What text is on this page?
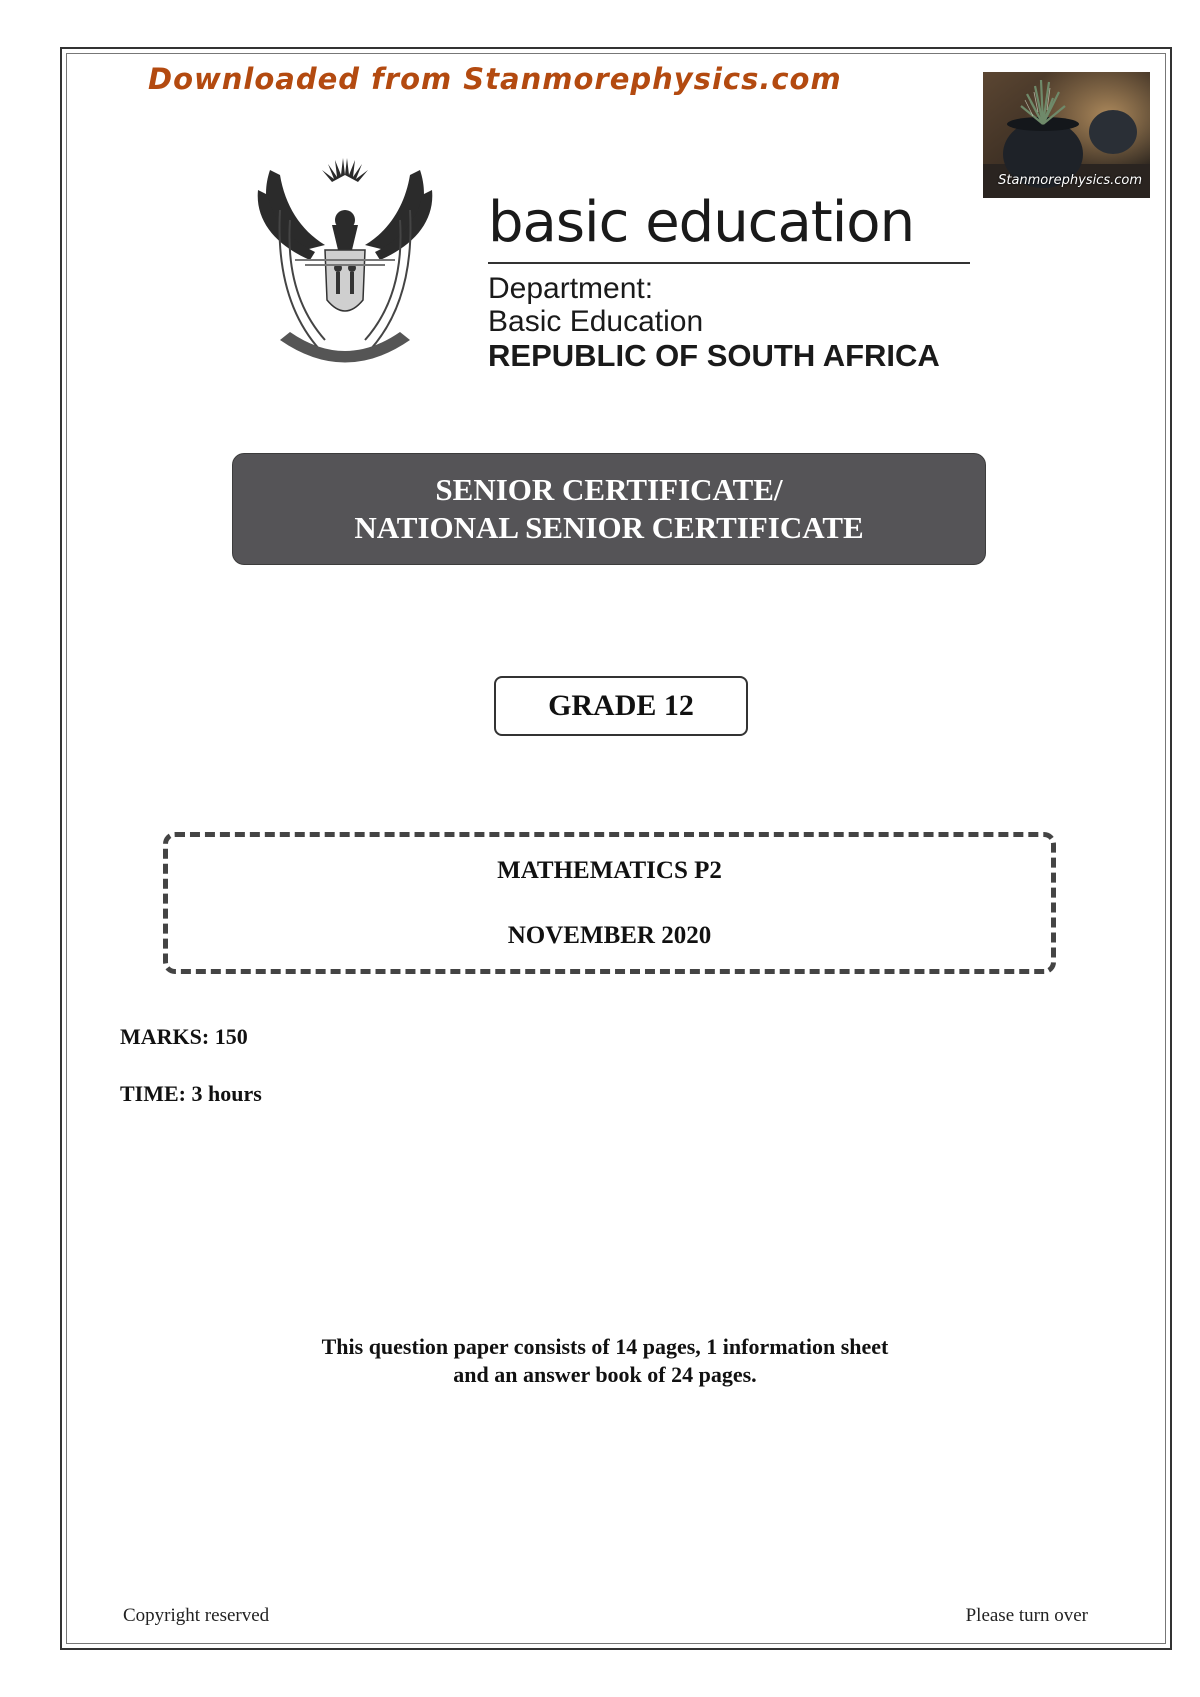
Downloaded from Stanmorephysics.com
Stanmorephysics.com
basic education
Department:
Basic Education
REPUBLIC OF SOUTH AFRICA
SENIOR CERTIFICATE/
NATIONAL SENIOR CERTIFICATE
GRADE 12
MATHEMATICS P2
NOVEMBER 2020
MARKS: 150
TIME: 3 hours
This question paper consists of 14 pages, 1 information sheet
and an answer book of 24 pages.
Copyright reserved	Please turn over
